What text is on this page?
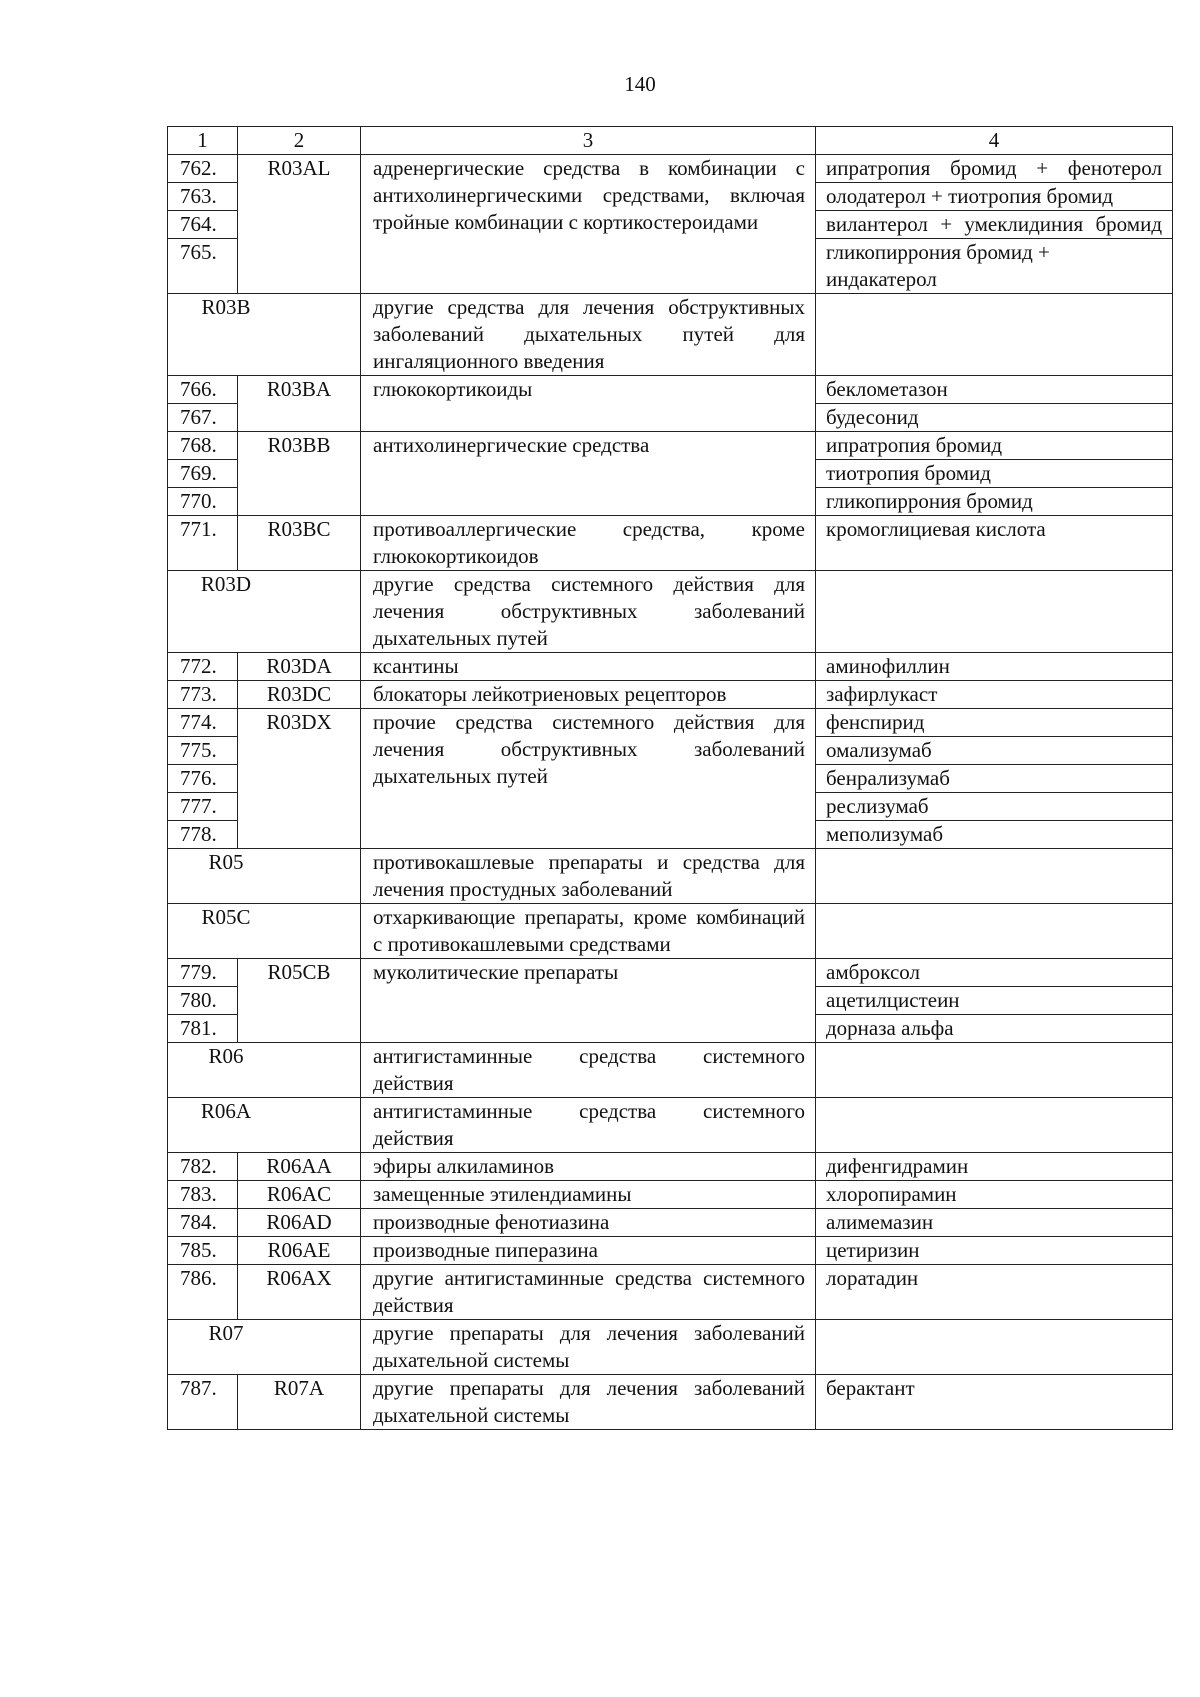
140
1	2	3	4
762.	R03AL	адренергические средства в комбинации с антихолинергическими средствами, включая тройные комбинации с кортикостероидами	ипратропия бромид + фенотерол
763.			олодатерол + тиотропия бромид
764.			вилантерол + умеклидиния бромид
765.			гликопиррония бромид + индакатерол
R03B		другие средства для лечения обструктивных заболеваний дыхательных путей для ингаляционного введения	
766.	R03BA	глюкокортикоиды	беклометазон
767.			будесонид
768.	R03BB	антихолинергические средства	ипратропия бромид
769.			тиотропия бромид
770.			гликопиррония бромид
771.	R03BC	противоаллергические средства, кроме глюкокортикоидов	кромоглициевая кислота
R03D		другие средства системного действия для лечения обструктивных заболеваний дыхательных путей	
772.	R03DA	ксантины	аминофиллин
773.	R03DC	блокаторы лейкотриеновых рецепторов	зафирлукаст
774.	R03DX	прочие средства системного действия для лечения обструктивных заболеваний дыхательных путей	фенспирид
775.			омализумаб
776.			бенрализумаб
777.			реслизумаб
778.			меполизумаб
R05		противокашлевые препараты и средства для лечения простудных заболеваний	
R05C		отхаркивающие препараты, кроме комбинаций с противокашлевыми средствами	
779.	R05CB	муколитические препараты	амброксол
780.			ацетилцистеин
781.			дорназа альфа
R06		антигистаминные средства системного действия	
R06A		антигистаминные средства системного действия	
782.	R06AA	эфиры алкиламинов	дифенгидрамин
783.	R06AC	замещенные этилендиамины	хлоропирамин
784.	R06AD	производные фенотиазина	алимемазин
785.	R06AE	производные пиперазина	цетиризин
786.	R06AX	другие антигистаминные средства системного действия	лоратадин
R07		другие препараты для лечения заболеваний дыхательной системы	
787.	R07A	другие препараты для лечения заболеваний дыхательной системы	берактант
